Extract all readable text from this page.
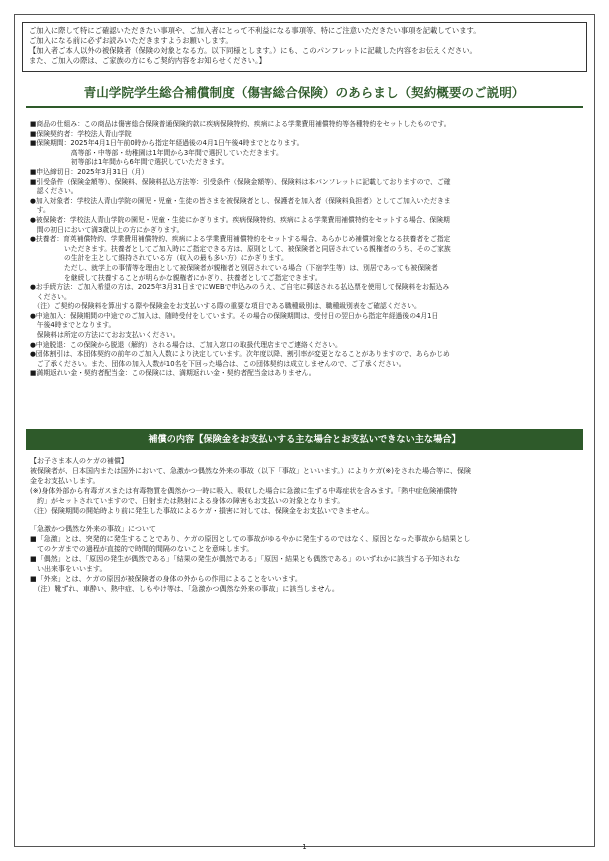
ご加入に際して特にご確認いただきたい事項や、ご加入者にとって不利益になる事項等、特にご注意いただきたい事項を記載しています。
ご加入になる前に必ずお読みいただきますようお願いします。
【加入者ご本人以外の被保険者（保険の対象となる方。以下同様とします。）にも、このパンフレットに記載した内容をお伝えください。
また、ご加入の際は、ご家族の方にもご契約内容をお知らせください。】
青山学院学生総合補償制度（傷害総合保険）のあらまし（契約概要のご説明）
■商品の仕組み：この商品は傷害総合保険普通保険約款に疾病保険特約、疾病による学業費用補償特約等各種特約をセットしたものです。
■保険契約者：学校法人青山学院
■保険期間：2025年4月1日午前0時から指定年経過後の4月1日午後4時までとなります。
　　　　　　高等部・中等部・幼稚園は1年間から3年間で選択していただきます。
　　　　　　初等部は1年間から6年間で選択していただきます。
■申込締切日：2025年3月31日（月）
■引受条件（保険金額等）、保険料、保険料払込方法等：引受条件（保険金額等）、保険料は本パンフレットに記載しておりますので、ご確
　認ください。
●加入対象者：学校法人青山学院の園児・児童・生徒の皆さまを被保険者とし、保護者を加入者（保険料負担者）としてご加入いただきま
　す。
●被保険者：学校法人青山学院の園児・児童・生徒にかぎります。疾病保険特約、疾病による学業費用補償特約をセットする場合、保険期
　間の初日において満3歳以上の方にかぎります。
●扶養者：育英補償特約、学業費用補償特約、疾病による学業費用補償特約をセットする場合、あらかじめ補償対象となる扶養者をご指定
　　　　　いただきます。扶養者としてご加入時にご指定できる方は、原則として、被保険者と同居されている親権者のうち、そのご家族
　　　　　の生計を主として維持されている方（収入の最も多い方）にかぎります。
　　　　　ただし、就学上の事情等を理由として被保険者が親権者と別居されている場合（下宿学生等）は、別居であっても被保険者
　　　　　を継続して扶養することが明らかな親権者にかぎり、扶養者としてご指定できます。
●お手続方法：ご加入希望の方は、2025年3月31日までにWEBで申込みのうえ、ご自宅に郵送される払込票を使用して保険料をお振込み
　ください。
　（注）ご契約の保険料を算出する際や保険金をお支払いする際の重要な項目である職種級別は、職種級別表をご確認ください。
●中途加入：保険期間の中途でのご加入は、随時受付をしています。その場合の保険期間は、受付日の翌日から指定年経過後の4月1日
　午後4時までとなります。
　保険料は所定の方法にておお支払いください。
●中途脱退：この保険から脱退（解約）される場合は、ご加入窓口の取扱代理店までご連絡ください。
●団体割引は、本団体契約の前年のご加入人数により決定しています。次年度以降、割引率が変更となることがありますので、あらかじめ
　ご了承ください。また、団体の加入人数が10名を下回った場合は、この団体契約は成立しませんので、ご了承ください。
■満期返れい金・契約者配当金：この保険には、満期返れい金・契約者配当金はありません。
補償の内容【保険金をお支払いする主な場合とお支払いできない主な場合】
【お子さま本人のケガの補償】
被保険者が、日本国内または国外において、急激かつ偶然な外来の事故（以下「事故」といいます。）によりケガ(※)をされた場合等に、保険
金をお支払いします。
(※)身体外部から有毒ガスまたは有毒物質を偶然かつ一時に吸入、吸収した場合に急激に生ずる中毒症状を含みます。「熱中症危険補償特
　約」がセットされていますので、日射または熱射による身体の障害もお支払いの対象となります。
（注）保険期間の開始時より前に発生した事故によるケガ・損害に対しては、保険金をお支払いできません。
「急激かつ偶然な外来の事故」について
■「急激」とは、突発的に発生することであり、ケガの原因としての事故がゆるやかに発生するのではなく、原因となった事故から結果とし
　てのケガまでの過程が直接的で時間的間隔のないことを意味します。
■「偶然」とは、「原因の発生が偶然である」「結果の発生が偶然である」「原因・結果とも偶然である」のいずれかに該当する予知されな
　い出来事をいいます。
■「外来」とは、ケガの原因が被保険者の身体の外からの作用によることをいいます。
　（注）靴ずれ、車酔い、熱中症、しもやけ等は、「急激かつ偶然な外来の事故」に該当しません。
1
